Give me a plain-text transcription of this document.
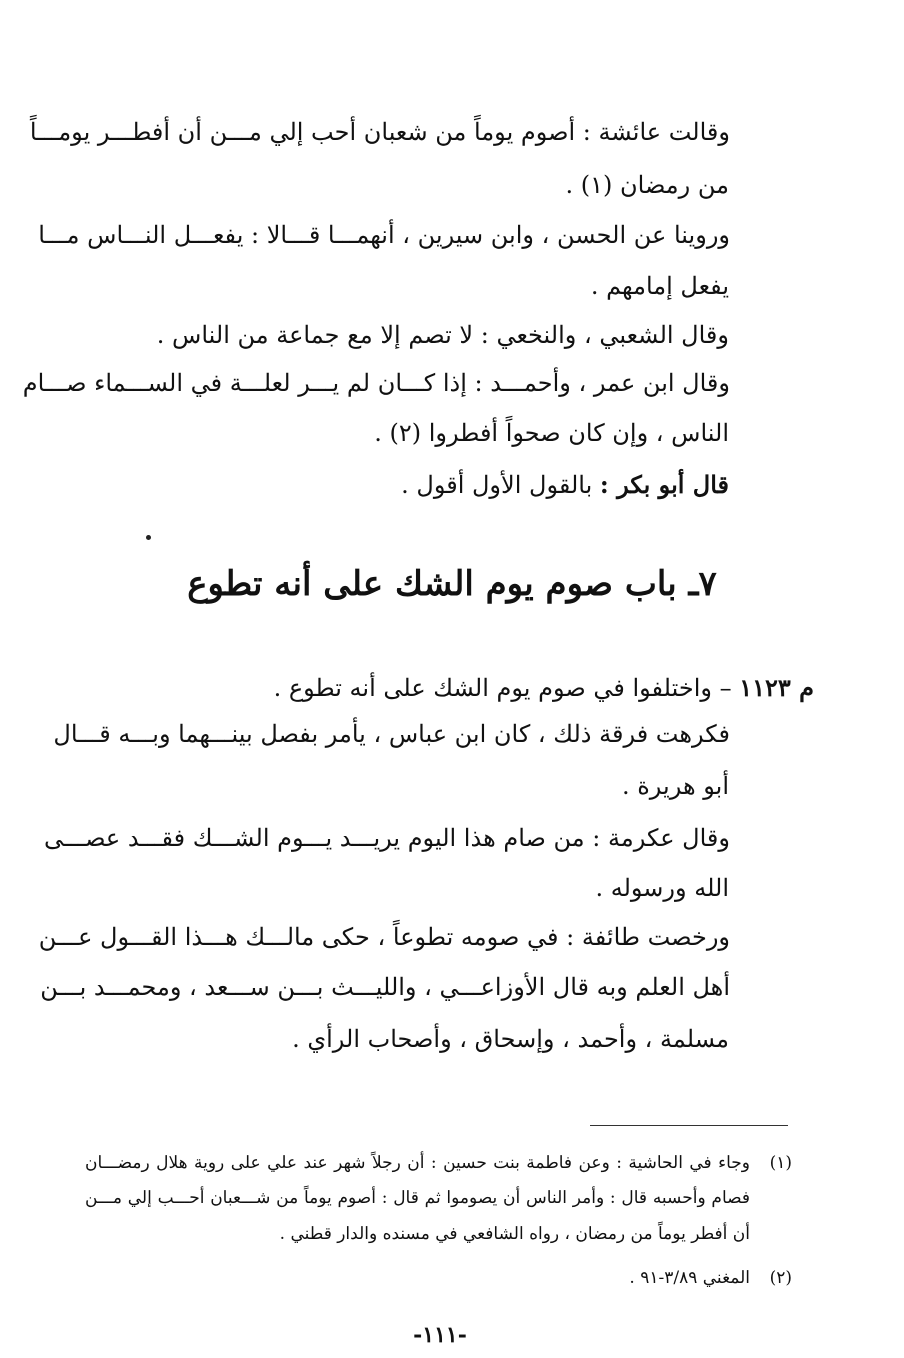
وقالت عائشة : أصوم يوماً من شعبان أحب إلي مـــن أن أفطـــر يومـــاً
من رمضان (١) .
وروينا عن الحسن ، وابن سيرين ، أنهمـــا قـــالا : يفعـــل النـــاس مـــا
يفعل إمامهم .
وقال الشعبي ، والنخعي : لا تصم إلا مع جماعة من الناس .
وقال ابن عمر ، وأحمـــد : إذا كـــان لم يـــر لعلـــة في الســـماء صـــام
الناس ، وإن كان صحواً أفطروا (٢) .
قال أبو بكر : بالقول الأول أقول .
٧ـ باب صوم يوم الشك على أنه تطوع
م ١١٢٣ – واختلفوا في صوم يوم الشك على أنه تطوع .
فكرهت فرقة ذلك ، كان ابن عباس ، يأمر بفصل بينـــهما وبـــه قـــال
أبو هريرة .
وقال عكرمة : من صام هذا اليوم يريـــد يـــوم الشـــك فقـــد عصـــى
الله ورسوله .
ورخصت طائفة : في صومه تطوعاً ، حكى مالـــك هـــذا القـــول عـــن
أهل العلم وبه قال الأوزاعـــي ، والليـــث بـــن ســـعد ، ومحمـــد بـــن
مسلمة ، وأحمد ، وإسحاق ، وأصحاب الرأي .
(١)
وجاء في الحاشية : وعن فاطمة بنت حسين : أن رجلاً شهر عند علي على روية هلال رمضـــان
فصام وأحسبه قال : وأمر الناس أن يصوموا ثم قال : أصوم يوماً من شـــعبان أحـــب إلي مـــن
أن أفطر يوماً من رمضان ، رواه الشافعي في مسنده والدار قطني .
(٢)
المغني ٣/٨٩-٩١ .
-١١١-
